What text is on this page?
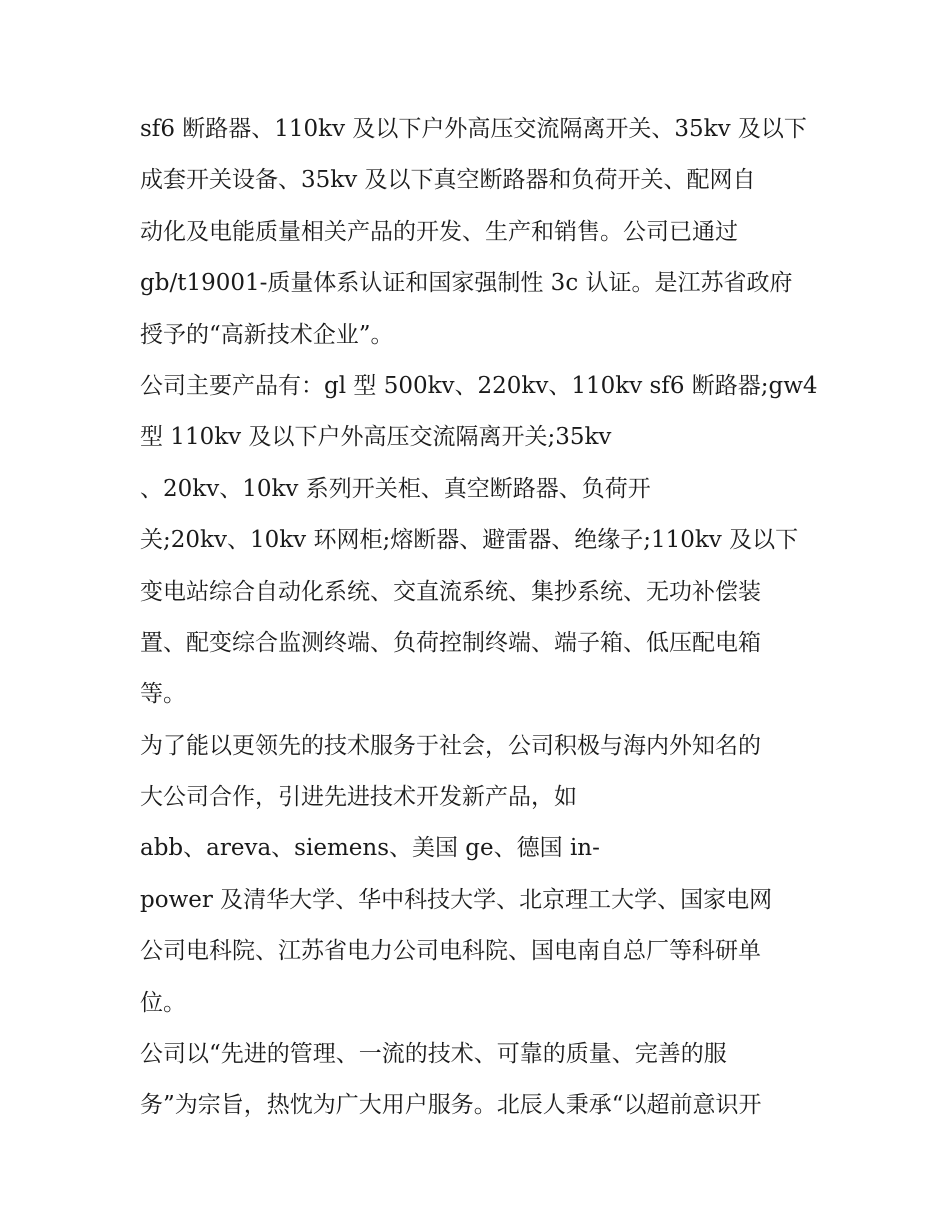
sf6 断路器、110kv 及以下户外高压交流隔离开关、35kv 及以下
成套开关设备、35kv 及以下真空断路器和负荷开关、配网自
动化及电能质量相关产品的开发、生产和销售。公司已通过
gb/t19001-质量体系认证和国家强制性 3c 认证。是江苏省政府
授予的“高新技术企业”。
公司主要产品有：gl 型 500kv、220kv、110kv sf6 断路器;gw4
型 110kv 及以下户外高压交流隔离开关;35kv
、20kv、10kv 系列开关柜、真空断路器、负荷开
关;20kv、10kv 环网柜;熔断器、避雷器、绝缘子;110kv 及以下
变电站综合自动化系统、交直流系统、集抄系统、无功补偿装
置、配变综合监测终端、负荷控制终端、端子箱、低压配电箱
等。
为了能以更领先的技术服务于社会，公司积极与海内外知名的
大公司合作，引进先进技术开发新产品，如
abb、areva、siemens、美国 ge、德国 in-
power 及清华大学、华中科技大学、北京理工大学、国家电网
公司电科院、江苏省电力公司电科院、国电南自总厂等科研单
位。
公司以“先进的管理、一流的技术、可靠的质量、完善的服
务”为宗旨，热忱为广大用户服务。北辰人秉承“以超前意识开
